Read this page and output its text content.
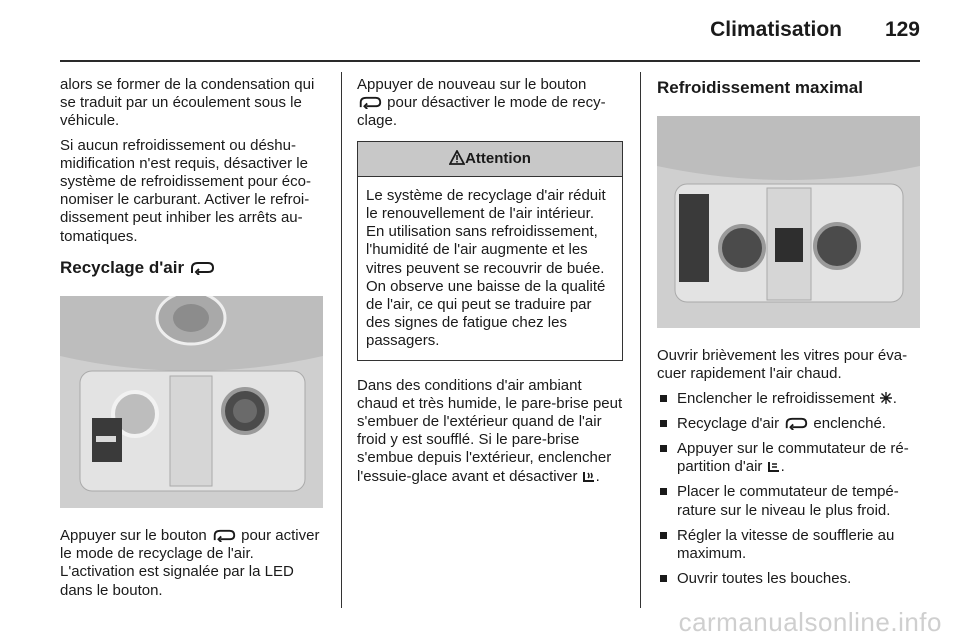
Climatisation 129

alors se former de la condensation qui se traduit par un écoulement sous le véhicule.

Si aucun refroidissement ou déshumidification n'est requis, désactiver le système de refroidissement pour économiser le carburant. Activer le refroidissement peut inhiber les arrêts automatiques.

Recyclage d'air

Appuyer sur le bouton pour activer le mode de recyclage de l'air.
L'activation est signalée par la LED dans le bouton.

Appuyer de nouveau sur le bouton
pour désactiver le mode de recyclage.

Attention
Le système de recyclage d'air réduit le renouvellement de l'air intérieur. En utilisation sans refroidissement, l'humidité de l'air augmente et les vitres peuvent se recouvrir de buée. On observe une baisse de la qualité de l'air, ce qui peut se traduire par des signes de fatigue chez les passagers.

Dans des conditions d'air ambiant chaud et très humide, le pare-brise peut s'embuer de l'extérieur quand de l'air froid y est soufflé. Si le pare-brise s'embue depuis l'extérieur, enclencher l'essuie-glace avant et désactiver .

Refroidissement maximal

Ouvrir brièvement les vitres pour évacuer rapidement l'air chaud.

Enclencher le refroidissement .
Recyclage d'air enclenché.
Appuyer sur le commutateur de répartition d'air .
Placer le commutateur de température sur le niveau le plus froid.
Régler la vitesse de soufflerie au maximum.
Ouvrir toutes les bouches.
carmanualsonline.info
